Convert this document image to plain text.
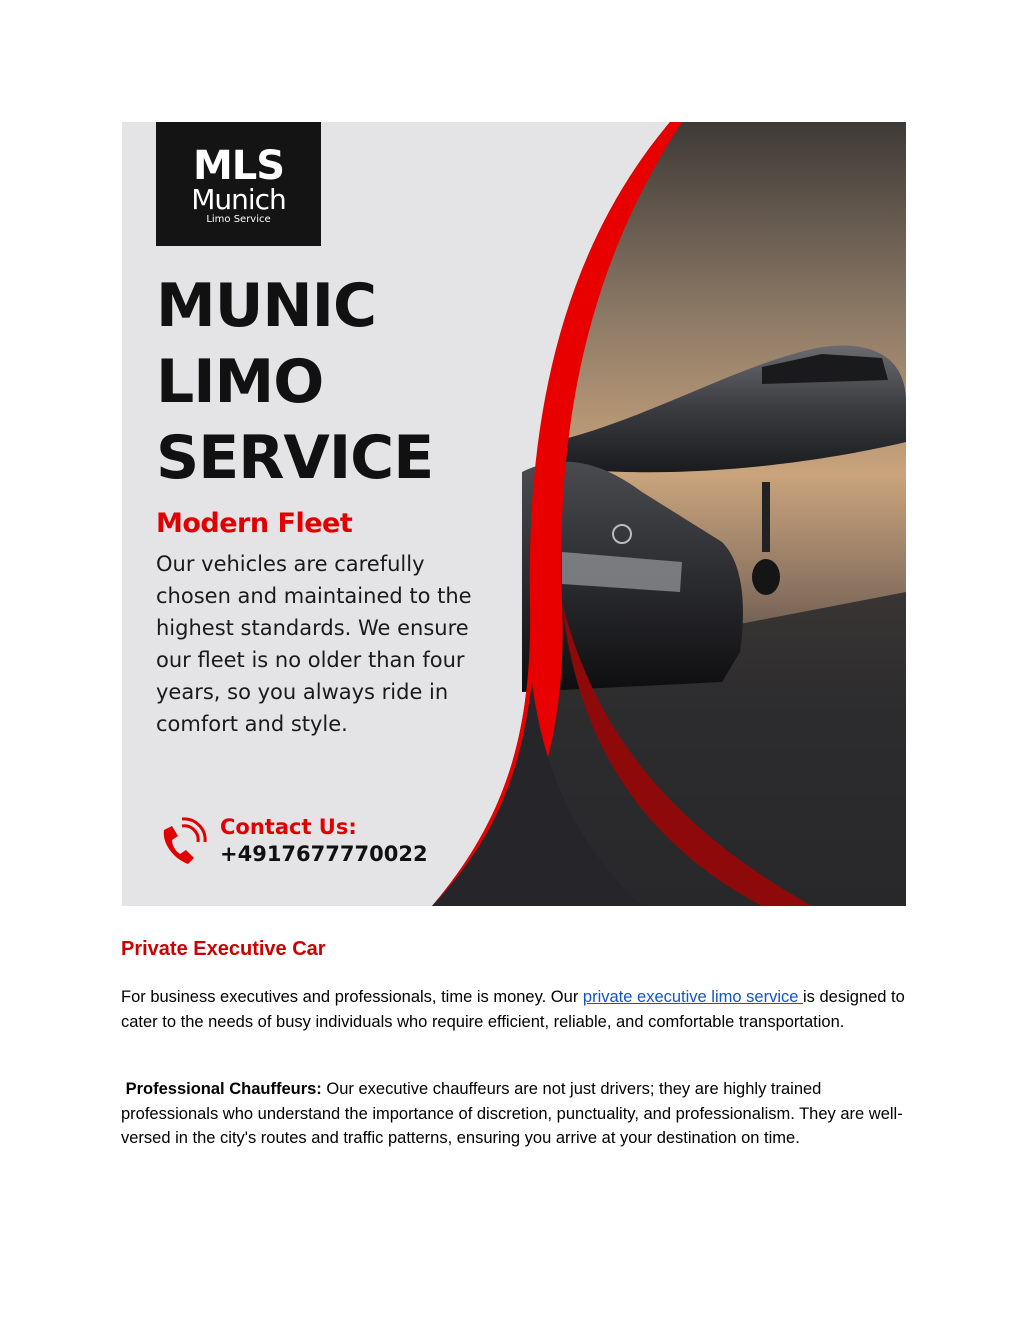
MLS
Munich
Limo Service
MUNIC
LIMO
SERVICE
Modern Fleet

Our vehicles are carefully chosen and maintained to the highest standards. We ensure our fleet is no older than four years, so you always ride in comfort and style.

Contact Us:

+4917677770022

Private Executive Car

For business executives and professionals, time is money. Our private executive limo service is designed to cater to the needs of busy individuals who require efficient, reliable, and comfortable transportation.

Professional Chauffeurs: Our executive chauffeurs are not just drivers; they are highly trained professionals who understand the importance of discretion, punctuality, and professionalism. They are well-versed in the city's routes and traffic patterns, ensuring you arrive at your destination on time.
